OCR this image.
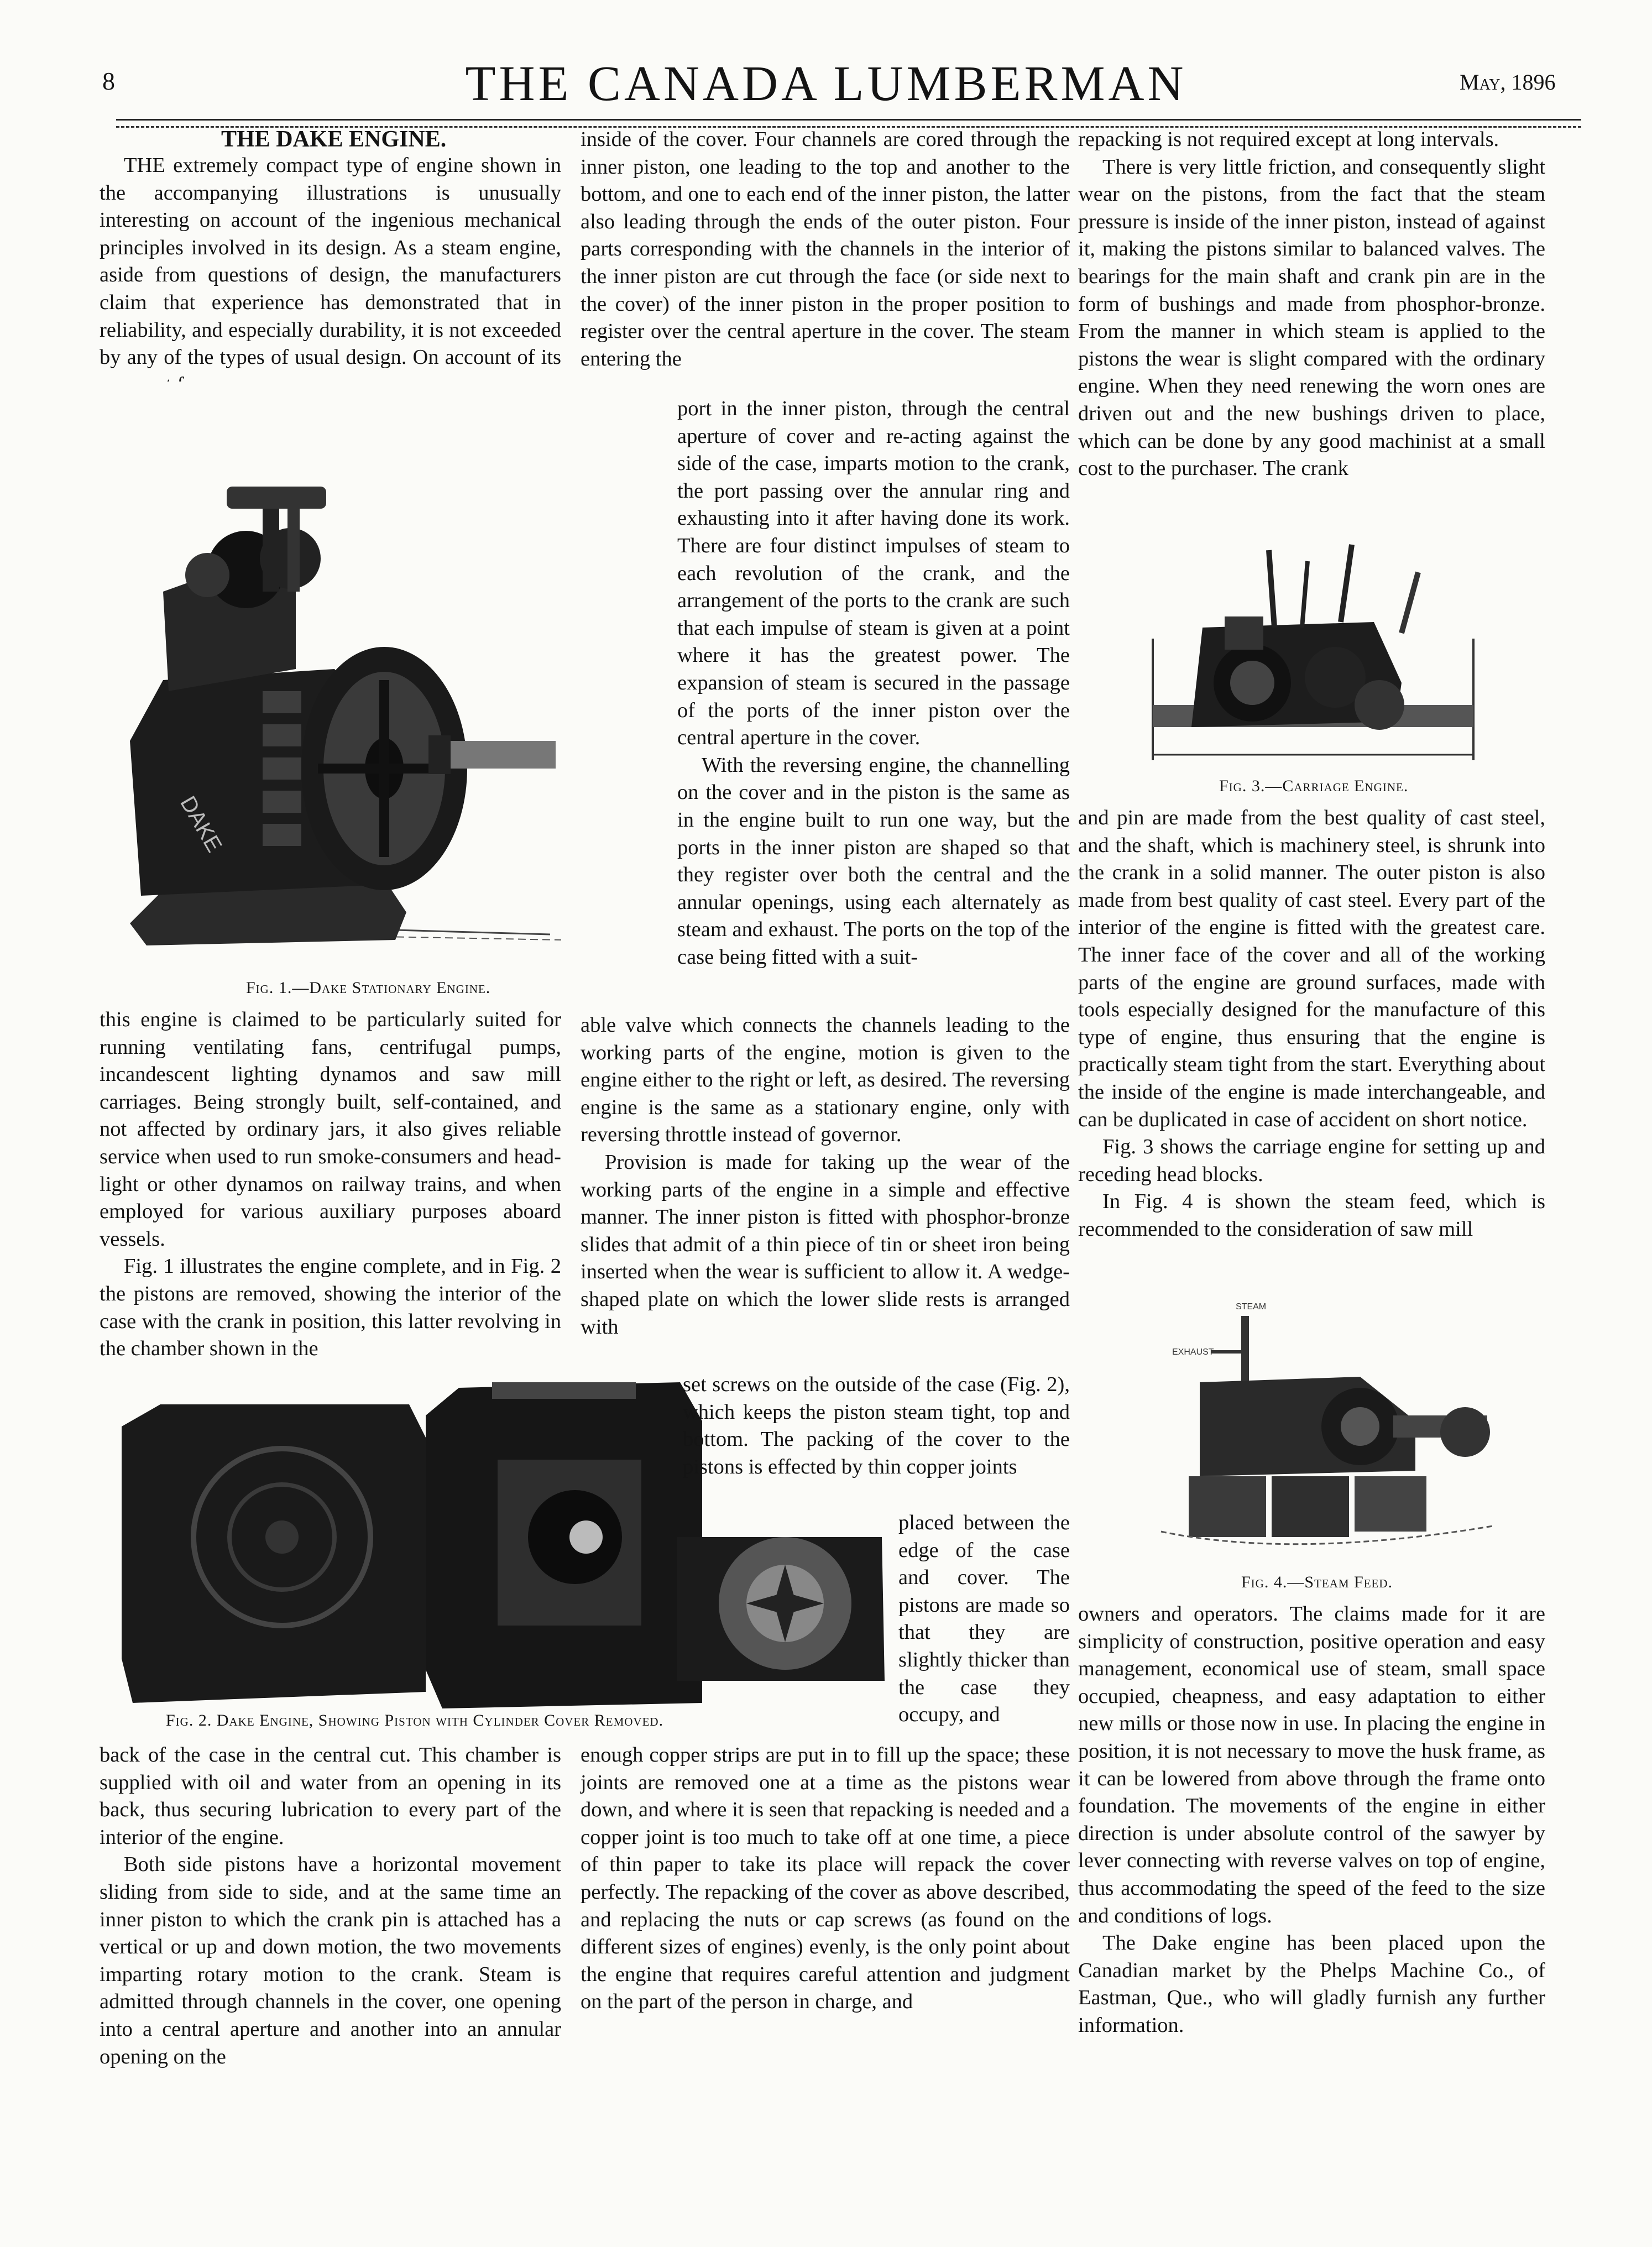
8	THE CANADA LUMBERMAN	May, 1896
THE DAKE ENGINE.

THE extremely compact type of engine shown in the accompanying illustrations is unusually interesting on account of the ingenious mechanical principles involved in its design. As a steam engine, aside from questions of design, the manufacturers claim that experience has demonstrated that in reliability, and especially durability, it is not exceeded by any of the types of usual design. On account of its

DAKE
Fig. 1.—Dake Stationary Engine.

this engine is claimed to be particularly suited for running ventilating fans, centrifugal pumps, incandescent lighting dynamos and saw mill carriages. Being strongly built, self-contained, and not affected by ordinary jars, it also gives reliable service when used to run smoke-consumers and head-light or other dynamos on railway trains, and when employed for various auxiliary purposes aboard vessels.

Fig. 1 illustrates the engine complete, and in Fig. 2 the pistons are removed, showing the interior of the case with the crank in position, this latter revolving in the chamber shown in the

set screws on the outside of the case (Fig. 2), which keeps the piston steam tight, top and bottom. The packing of the cover to the pistons is effected by thin copper joints

placed between the edge of the case and cover. The pistons are made so that they are slightly thicker than the case they occupy, and

Fig. 2. Dake Engine, Showing Piston with Cylinder Cover Removed.

back of the case in the central cut. This chamber is supplied with oil and water from an opening in its back, thus securing lubrication to every part of the interior of the engine.

Both side pistons have a horizontal movement sliding from side to side, and at the same time an inner piston to which the crank pin is attached has a vertical or up and down motion, the two movements imparting rotary motion to the crank. Steam is admitted through channels in the cover, one opening into a central aperture and another into an annular opening on the

inside of the cover. Four channels are cored through the inner piston, one leading to the top and another to the bottom, and one to each end of the inner piston, the latter also leading through the ends of the outer piston. Four parts corresponding with the channels in the interior of the inner piston are cut through the face (or side next to the cover) of the inner piston in the proper position to register over the central aperture in the cover. The steam entering the

port in the inner piston, through the central aperture of cover and re-acting against the side of the case, imparts motion to the crank, the port passing over the annular ring and exhausting into it after having done its work. There are four distinct impulses of steam to each revolution of the crank, and the arrangement of the ports to the crank are such that each impulse of steam is given at a point where it has the greatest power. The expansion of steam is secured in the passage of the ports of the inner piston over the central aperture in the cover.

With the reversing engine, the channelling on the cover and in the piston is the same as in the engine built to run one way, but the ports in the inner piston are shaped so that they register over both the central and the annular openings, using each alternately as steam and exhaust. The ports on the top of the case being fitted with a suit-

able valve which connects the channels leading to the working parts of the engine, motion is given to the engine either to the right or left, as desired. The reversing engine is the same as a stationary engine, only with reversing throttle instead of governor.

Provision is made for taking up the wear of the working parts of the engine in a simple and effective manner. The inner piston is fitted with phosphor-bronze slides that admit of a thin piece of tin or sheet iron being inserted when the wear is sufficient to allow it. A wedge-shaped plate on which the lower slide rests is arranged with

enough copper strips are put in to fill up the space; these joints are removed one at a time as the pistons wear down, and where it is seen that repacking is needed and a copper joint is too much to take off at one time, a piece of thin paper to take its place will repack the cover perfectly. The repacking of the cover as above described, and replacing the nuts or cap screws (as found on the different sizes of engines) evenly, is the only point about the engine that requires careful attention and judgment on the part of the person in charge, and

repacking is not required except at long intervals.

There is very little friction, and consequently slight wear on the pistons, from the fact that the steam pressure is inside of the inner piston, instead of against it, making the pistons similar to balanced valves. The bearings for the main shaft and crank pin are in the form of bushings and made from phosphor-bronze. From the manner in which steam is applied to the pistons the wear is slight compared with the ordinary engine. When they need renewing the worn ones are driven out and the new bushings driven to place, which can be done by any good machinist at a small cost to the purchaser. The crank

Fig. 3.—Carriage Engine.

and pin are made from the best quality of cast steel, and the shaft, which is machinery steel, is shrunk into the crank in a solid manner. The outer piston is also made from best quality of cast steel. Every part of the interior of the engine is fitted with the greatest care. The inner face of the cover and all of the working parts of the engine are ground surfaces, made with tools especially designed for the manufacture of this type of engine, thus ensuring that the engine is practically steam tight from the start. Everything about the inside of the engine is made interchangeable, and can be duplicated in case of accident on short notice.

Fig. 3 shows the carriage engine for setting up and receding head blocks.

In Fig. 4 is shown the steam feed, which is recommended to the consideration of saw mill

STEAM
EXHAUST
Fig. 4.—Steam Feed.

owners and operators. The claims made for it are simplicity of construction, positive operation and easy management, economical use of steam, small space occupied, cheapness, and easy adaptation to either new mills or those now in use. In placing the engine in position, it is not necessary to move the husk frame, as it can be lowered from above through the frame onto foundation. The movements of the engine in either direction is under absolute control of the sawyer by lever connecting with reverse valves on top of engine, thus accommodating the speed of the feed to the size and conditions of logs.

The Dake engine has been placed upon the Canadian market by the Phelps Machine Co., of Eastman, Que., who will gladly furnish any further information.
